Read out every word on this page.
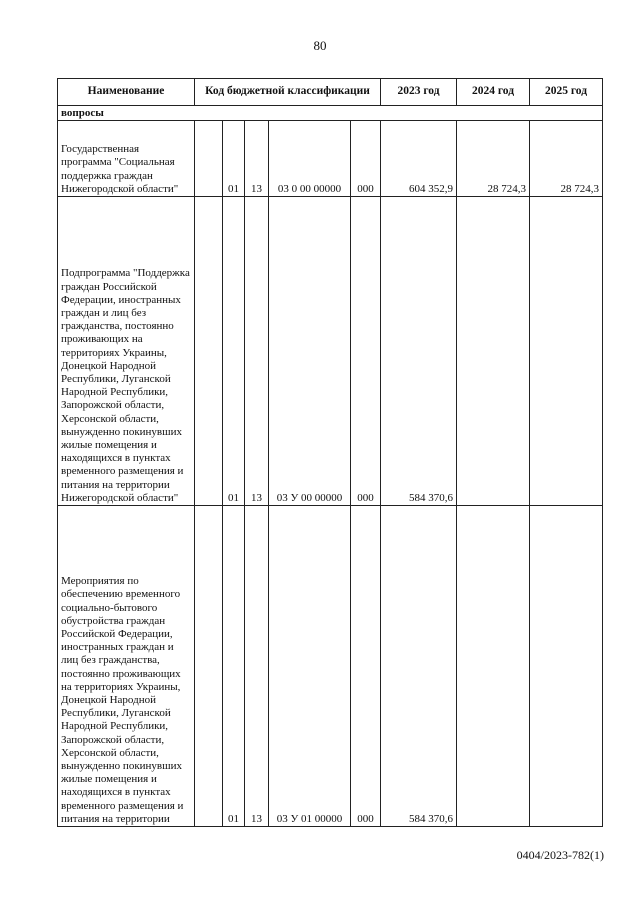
80
Наименование	Код бюджетной классификации					2023 год	2024 год	2025 год
вопросы								
Государственная программа "Социальная поддержка граждан Нижегородской области"		01	13	03 0 00 00000	000	604 352,9	28 724,3	28 724,3
Подпрограмма "Поддержка граждан Российской Федерации, иностранных граждан и лиц без гражданства, постоянно проживающих на территориях Украины, Донецкой Народной Республики, Луганской Народной Республики, Запорожской области, Херсонской области, вынужденно покинувших жилые помещения и находящихся в пунктах временного размещения и питания на территории Нижегородской области"		01	13	03 У 00 00000	000	584 370,6		
Мероприятия по обеспечению временного социально-бытового обустройства граждан Российской Федерации, иностранных граждан и лиц без гражданства, постоянно проживающих на территориях Украины, Донецкой Народной Республики, Луганской Народной Республики, Запорожской области, Херсонской области, вынужденно покинувших жилые помещения и находящихся в пунктах временного размещения и питания на территории		01	13	03 У 01 00000	000	584 370,6		
0404/2023-782(1)
